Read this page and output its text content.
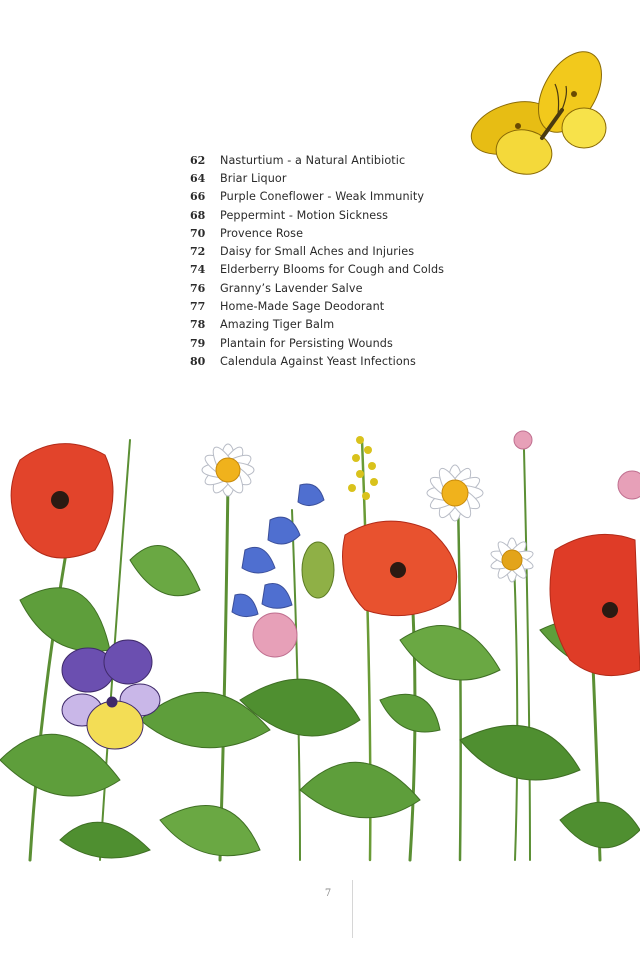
62	Nasturtium - a Natural Antibiotic
64	Briar Liquor
66	Purple Coneflower - Weak Immunity
68	Peppermint - Motion Sickness
70	Provence Rose
72	Daisy for Small Aches and Injuries
74	Elderberry Blooms for Cough and Colds
76	Granny’s Lavender Salve
77	Home-Made Sage Deodorant
78	Amazing Tiger Balm
79	Plantain for Persisting Wounds
80	Calendula Against Yeast Infections
7
